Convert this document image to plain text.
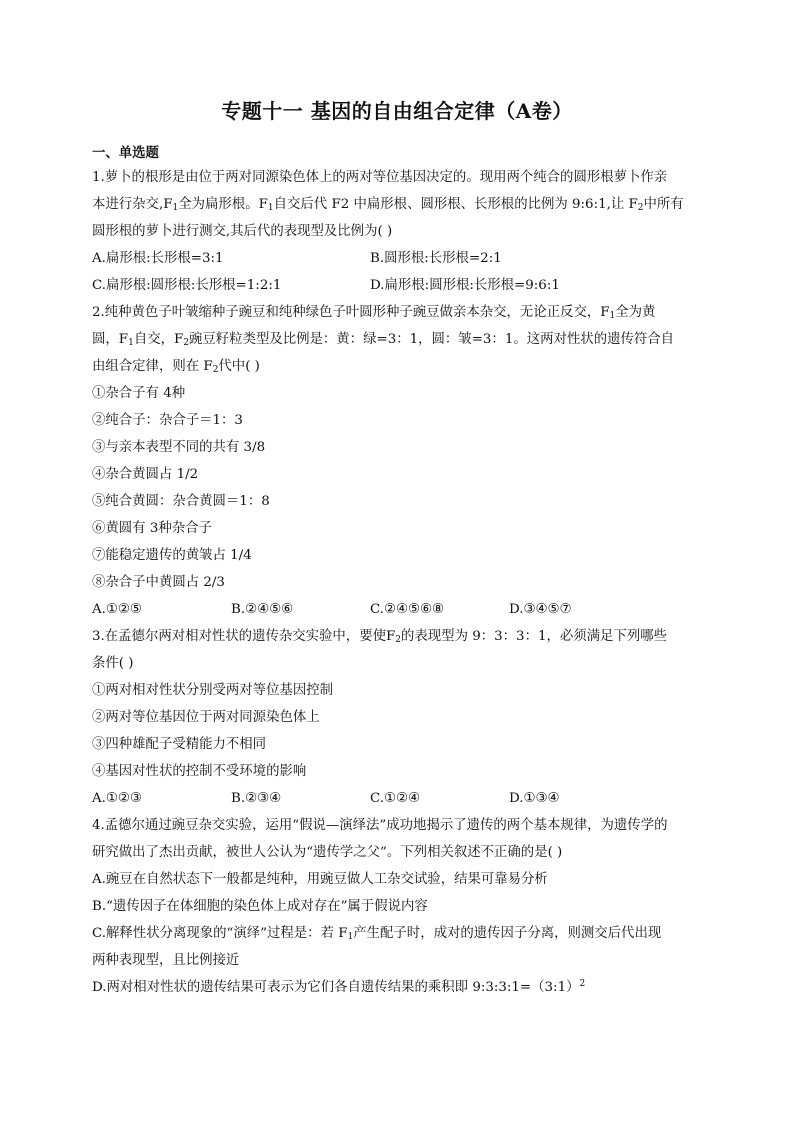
专题十一 基因的自由组合定律（A卷）
一、单选题
1.萝卜的根形是由位于两对同源染色体上的两对等位基因决定的。现用两个纯合的圆形根萝卜作亲
本进行杂交$,F_1$全为扁形根。$F_1$自交后代 F2 中扁形根、圆形根、长形根的比例为 9:6:1,让 $F_2$中所有
圆形根的萝卜进行测交,其后代的表现型及比例为( )
A.扁形根:长形根=3:1	B.圆形根:长形根=2:1
C.扁形根:圆形根:长形根=1:2:1	D.扁形根:圆形根:长形根=9:6:1
2.纯种黄色子叶皱缩种子豌豆和纯种绿色子叶圆形种子豌豆做亲本杂交，无论正反交，$F_1$全为黄
圆，$F_1$自交，$F_2$豌豆籽粒类型及比例是：黄：绿=3：1，圆：皱=3：1。这两对性状的遗传符合自
由组合定律，则在 $F_2$代中( )
①杂合子有 4种
②纯合子：杂合子＝1：3
③与亲本表型不同的共有 3/8
④杂合黄圆占 1/2
⑤纯合黄圆：杂合黄圆＝1：8
⑥黄圆有 3种杂合子
⑦能稳定遗传的黄皱占 1/4
⑧杂合子中黄圆占 2/3
A.①②⑤	B.②④⑤⑥	C.②④⑤⑥⑧	D.③④⑤⑦
3.在孟德尔两对相对性状的遗传杂交实验中，要使$F_2$的表现型为 9：3：3：1，必须满足下列哪些
条件( )
①两对相对性状分别受两对等位基因控制
②两对等位基因位于两对同源染色体上
③四种雄配子受精能力不相同
④基因对性状的控制不受环境的影响
A.①②③	B.②③④	C.①②④	D.①③④
4.孟德尔通过豌豆杂交实验，运用“假说—演绎法”成功地揭示了遗传的两个基本规律，为遗传学的
研究做出了杰出贡献，被世人公认为“遗传学之父”。下列相关叙述不正确的是( )
A.豌豆在自然状态下一般都是纯种，用豌豆做人工杂交试验，结果可靠易分析
B.“遗传因子在体细胞的染色体上成对存在”属于假说内容
C.解释性状分离现象的“演绎”过程是：若 $F_1$产生配子时，成对的遗传因子分离，则测交后代出现
两种表现型，且比例接近
D.两对相对性状的遗传结果可表示为它们各自遗传结果的乘积即 9:3:3:1=（3:1）$^2$
